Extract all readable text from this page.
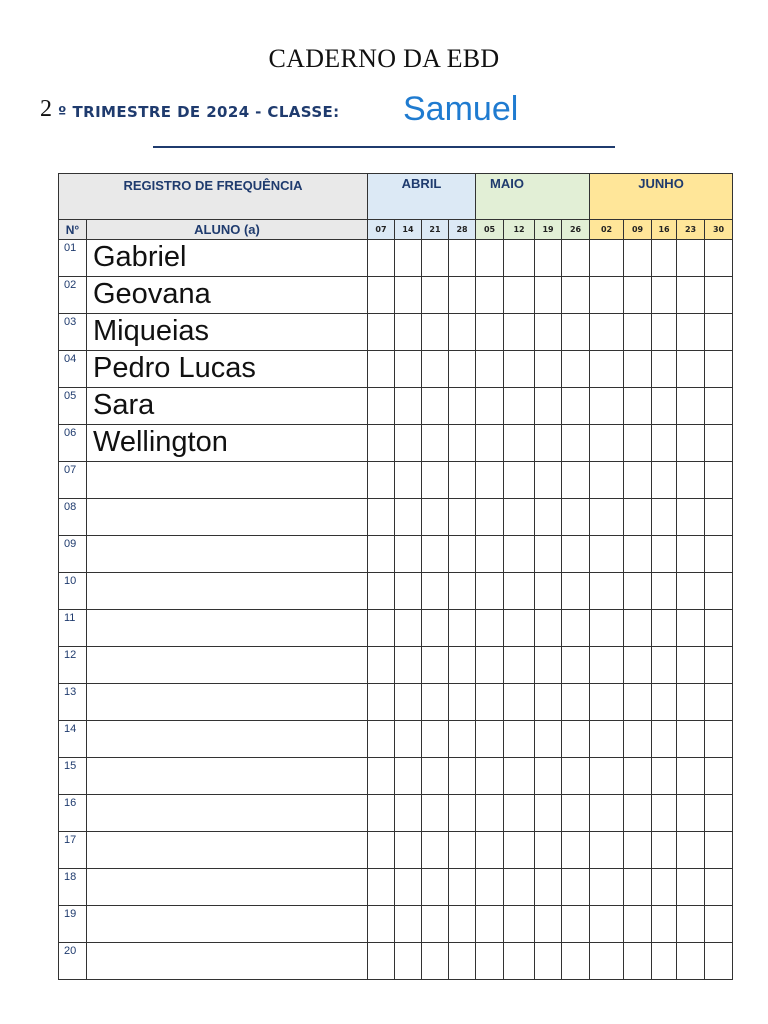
CADERNO DA EBD
2 º TRIMESTRE DE 2024 - CLASSE: Samuel
REGISTRO DE FREQUÊNCIA		ABRIL				MAIO				JUNHO				
N°	ALUNO (a)	07	14	21	28	05	12	19	26	02	09	16	23	30
01	Gabriel													
02	Geovana													
03	Miqueias													
04	Pedro Lucas													
05	Sara													
06	Wellington													
07														
08														
09														
10														
11														
12														
13														
14														
15														
16														
17														
18														
19														
20														
